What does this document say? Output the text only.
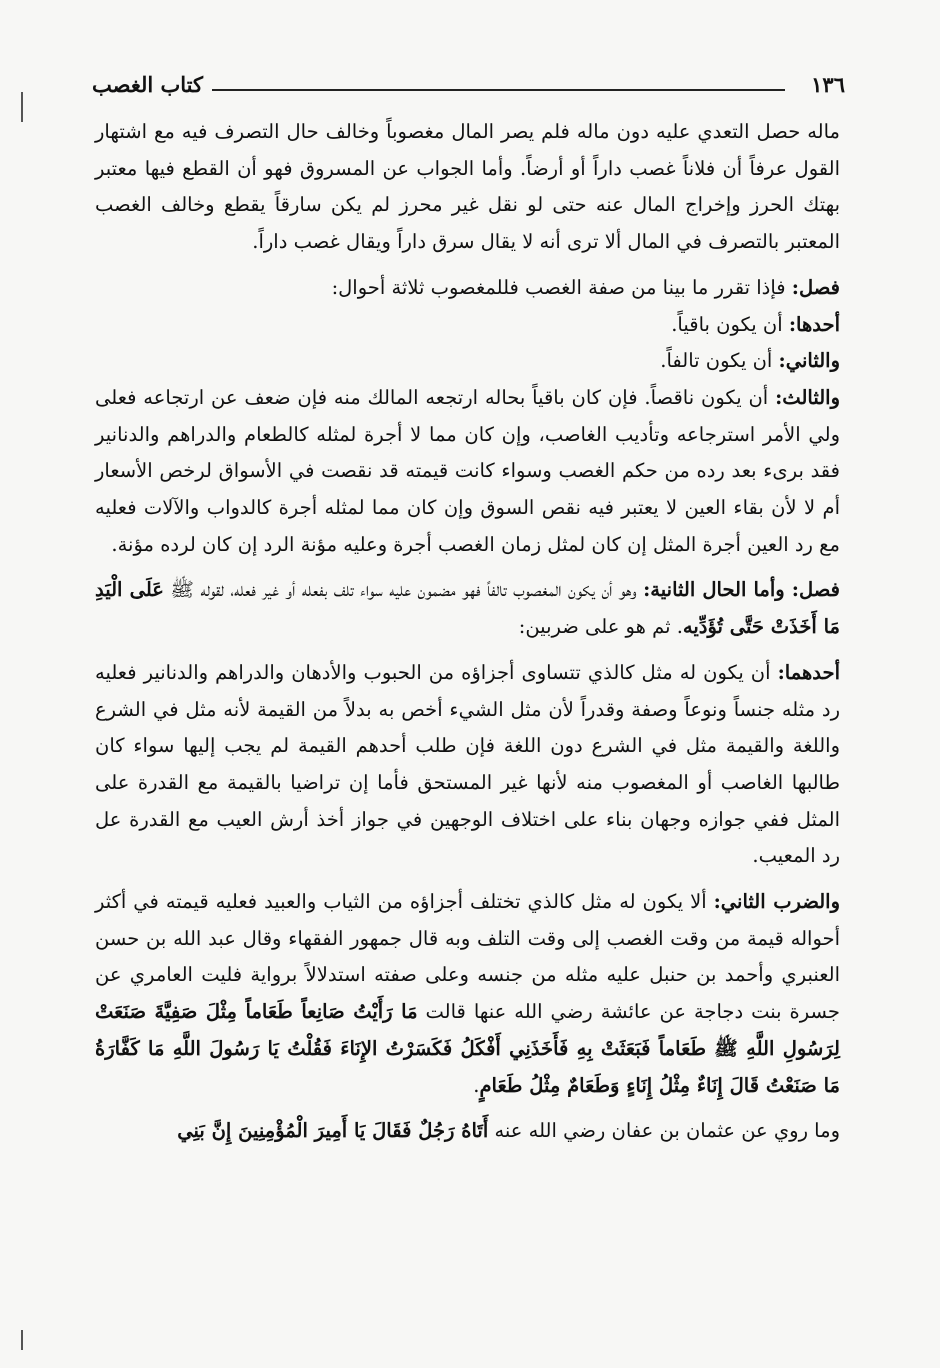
كتاب الغصب	١٣٦

ماله حصل التعدي عليه دون ماله فلم يصر المال مغصوباً وخالف حال التصرف فيه مع اشتهار القول عرفاً أن فلاناً غصب داراً أو أرضاً. وأما الجواب عن المسروق فهو أن القطع فيها معتبر بهتك الحرز وإخراج المال عنه حتى لو نقل غير محرز لم يكن سارقاً يقطع وخالف الغصب المعتبر بالتصرف في المال ألا ترى أنه لا يقال سرق داراً ويقال غصب داراً.

فصل: فإذا تقرر ما بينا من صفة الغصب فللمغصوب ثلاثة أحوال:

أحدها: أن يكون باقياً.

والثاني: أن يكون تالفاً.

والثالث: أن يكون ناقصاً. فإن كان باقياً بحاله ارتجعه المالك منه فإن ضعف عن ارتجاعه فعلى ولي الأمر استرجاعه وتأديب الغاصب، وإن كان مما لا أجرة لمثله كالطعام والدراهم والدنانير فقد برىء بعد رده من حكم الغصب وسواء كانت قيمته قد نقصت في الأسواق لرخص الأسعار أم لا لأن بقاء العين لا يعتبر فيه نقص السوق وإن كان مما لمثله أجرة كالدواب والآلات فعليه مع رد العين أجرة المثل إن كان لمثل زمان الغصب أجرة وعليه مؤنة الرد إن كان لرده مؤنة.

فصل: وأما الحال الثانية: وهو أن يكون المغصوب تالفاً فهو مضمون عليه سواء تلف بفعله أو غير فعله، لقوله ﷺ عَلَى الْيَدِ مَا أَخَذَتْ حَتَّى تُؤَدِّيه. ثم هو على ضربين:

أحدهما: أن يكون له مثل كالذي تتساوى أجزاؤه من الحبوب والأدهان والدراهم والدنانير فعليه رد مثله جنساً ونوعاً وصفة وقدراً لأن مثل الشيء أخص به بدلاً من القيمة لأنه مثل في الشرع واللغة والقيمة مثل في الشرع دون اللغة فإن طلب أحدهم القيمة لم يجب إليها سواء كان طالبها الغاصب أو المغصوب منه لأنها غير المستحق فأما إن تراضيا بالقيمة مع القدرة على المثل ففي جوازه وجهان بناء على اختلاف الوجهين في جواز أخذ أرش العيب مع القدرة عل رد المعيب.

والضرب الثاني: ألا يكون له مثل كالذي تختلف أجزاؤه من الثياب والعبيد فعليه قيمته في أكثر أحواله قيمة من وقت الغصب إلى وقت التلف وبه قال جمهور الفقهاء وقال عبد الله بن حسن العنبري وأحمد بن حنبل عليه مثله من جنسه وعلى صفته استدلالاً برواية فليت العامري عن جسرة بنت دجاجة عن عائشة رضي الله عنها قالت مَا رَأَيْتُ صَانِعاً طَعَاماً مِثْلَ صَفِيَّةَ صَنَعَتْ لِرَسُولِ اللَّهِ ﷺ طَعَاماً فَبَعَثَتْ بِهِ فَأَخَذَنِي أَفْكَلُ فَكَسَرْتُ الإِنَاءَ فَقُلْتُ يَا رَسُولَ اللَّهِ مَا كَفَّارَةُ مَا صَنَعْتُ قَالَ إِنَاءٌ مِثْلُ إِنَاءٍ وَطَعَامٌ مِثْلُ طَعَامٍ.

وما روي عن عثمان بن عفان رضي الله عنه أَتَاهُ رَجُلٌ فَقَالَ يَا أَمِيرَ الْمُؤْمِنِينَ إِنَّ بَنِي
